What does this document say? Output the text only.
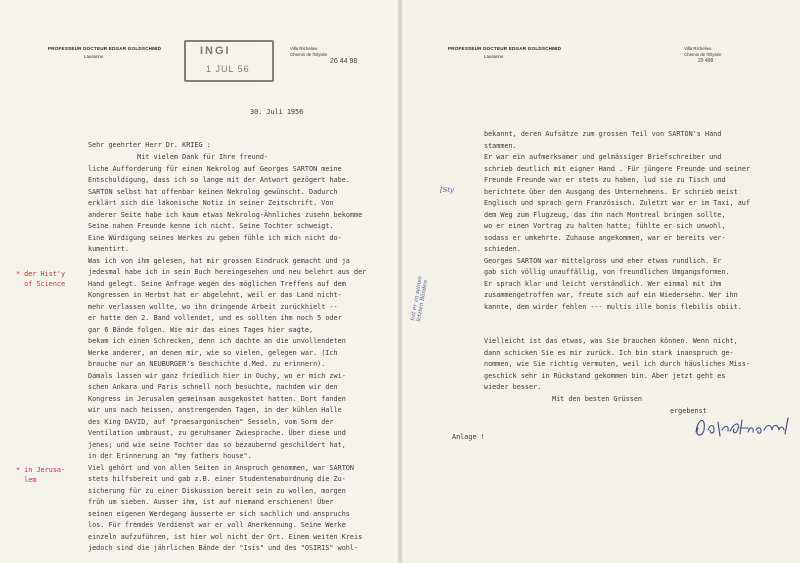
PROFESSEUR DOCTEUR EDGAR GOLDSCHMID
Lausanne
Villa Richelieu
Chemin de l'Elysée
26 44 98
INGI
1 JUL 56
30. Juli 1956
Sehr geehrter Herr Dr. KRIEG :
Mit vielem Dank für Ihre freund-
liche Aufforderung für einen Nekrolog auf Georges SARTON meine
Entschuldigung, dass ich so lange mit der Antwort gezögert habe.
SARTON selbst hat offenbar keinen Nekrolog gewünscht. Dadurch
erklärt sich die lakonische Notiz in seiner Zeitschrift. Von
anderer Seite habe ich kaum etwas Nekrolog-Ähnliches zusehn bekomme
Seine nahen Freunde kenne ich nicht. Seine Tochter schweigt.
Eine Würdigung seines Werkes zu geben fühle ich mich nicht do-
kumentirt.
Was ich von ihm gelesen, hat mir grossen Eindruck gemacht und ja
jedesmal habe ich in sein Buch hereingesehen und neu belehrt aus der
Hand gelegt. Seine Anfrage wegen des möglichen Treffens auf dem
Kongressen in Herbst hat er abgelehnt, weil er das Land nicht-
mehr verlassen wollte, wo ihn dringende Arbeit zurückhielt --
er hatte den 2. Band vollendet, und es sollten ihm noch 5 oder
gar 6 Bände folgen. Wie mir das eines Tages hier sagte,
bekam ich einen Schrecken, denn ich dachte an die unvollendeten
Werke anderer, an denen mir, wie so vielen, gelegen war. (Ich
brauche nur an NEUBURGER's Geschichte d.Med. zu erinnern).
Damals lassen wir ganz friedlich hier in Ouchy, wo er mich zwi-
schen Ankara und Paris schnell noch besuchte, nachdem wir den
Kongress in Jerusalem gemeinsam ausgekostet hatten. Dort fanden
wir uns nach heissen, anstrengenden Tagen, in der kühlen Halle
des King DAVID, auf "praesargonischen" Sesseln, vom Sorm der
Ventilation umbraust, zu geruhsamer Zwiesprache. Über diese und
jenes; und wie seine Tochter das so bezaubernd geschildert hat,
in der Erinnerung an "my fathers house".
Viel gehört und von allen Seiten in Anspruch genommen, war SARTON
stets hilfsbereit und gab z.B. einer Studentenabordnung die Zu-
sicherung für zu einer Diskussion bereit sein zu wollen, morgen
früh um sieben. Ausser ihm, ist auf niemand erschienen! Über
seinen eigenen Werdegang äusserte er sich sachlich und anspruchs
los. Für fremdes Verdienst war er voll Anerkennung. Seine Werke
einzeln aufzuführen, ist hier wol nicht der Ort. Einem weiten Kreis
jedoch sind die jährlichen Bände der "Isis" und des "OSIRIS" wohl-
* der Hist'y
of Science
* in Jerusa-
lem
PROFESSEUR DOCTEUR EDGAR GOLDSCHMID
Lausanne
Villa Richelieu
Chemin de l'Elysée
29 498
[Sty
hat er an seinen
letzten Bänden
bekannt, deren Aufsätze zum grossen Teil von SARTON's Hand
stammen.
Er war ein aufmerksamer und gelmässiger Briefschreiber und
schrieb deutlich mit eigner Hand . Für jüngere Freunde und seiner
Freunde Freunde war er stets zu haben, lud sie zu Tisch und
berichtete über den Ausgang des Unternehmens. Er schrieb meist
Englisch und sprach gern Französisch. Zuletzt war er im Taxi, auf
dem Weg zum Flugzeug, das ihn nach Montreal bringen sollte,
wo er einen Vortrag zu halten hatte; fühlte er sich unwohl,
sodass er umkehrte. Zuhause angekommen, war er bereits ver-
schieden.
Georges SARTON war mittelgross und eher etwas rundlich. Er
gab sich völlig unauffällig, von freundlichen Umgangsformen.
Er sprach klar und leicht verständlich. Wer einmal mit ihm
zusammengetroffen war, freute sich auf ein Wiedersehn. Wer ihn
kannte, dem wirder fehlen --- multis ille bonis flebilis obiit.
Vielleicht ist das etwas, was Sie brauchen können. Wenn nicht,
dann schicken Sie es mir zurück. Ich bin stark inanspruch ge-
nommen, wie Sie richtig vermuten, weil ich durch häusliches Miss-
geschick sehr in Rückstand gekommen bin. Aber jetzt geht es
wieder besser.
Mit den besten Grüssen
ergebenst
Anlage !
